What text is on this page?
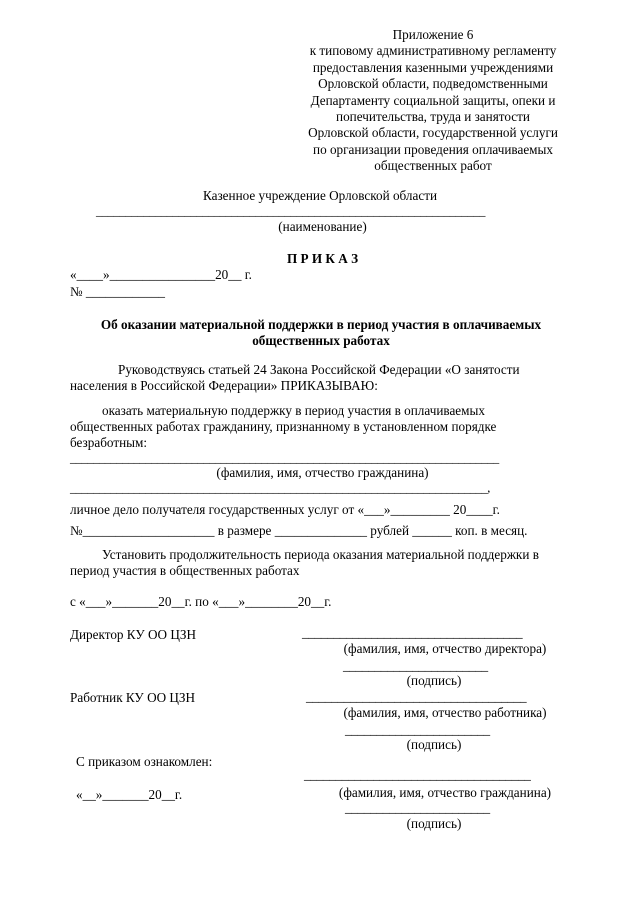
Приложение 6
к типовому административному регламенту
предоставления казенными учреждениями
Орловской области, подведомственными
Департаменту социальной защиты, опеки и
попечительства, труда и занятости
Орловской области, государственной услуги
по организации проведения оплачиваемых
общественных работ
Казенное учреждение Орловской области
__________________________________________________________________
(наименование)
П Р И К А З
«____»________________20__ г.
№ ____________
Об оказании материальной поддержки в период участия в оплачиваемых
общественных работах
Руководствуясь статьей 24 Закона Российской Федерации «О занятости
населения в Российской Федерации» ПРИКАЗЫВАЮ:
оказать материальную поддержку в период участия в оплачиваемых
общественных работах гражданину, признанному в установленном порядке
безработным:
__________________________________________________________________________
(фамилия, имя, отчество гражданина)
________________________________________________________________________,
личное дело получателя государственных услуг от «___»_________ 20____г.
№____________________ в размере ______________ рублей ______ коп. в месяц.
Установить продолжительность периода оказания материальной поддержки в
период участия в общественных работах
с «___»_______20__г. по «___»________20__г.
Директор КУ ОО ЦЗН	___________________________________
(фамилия, имя, отчество директора)
_______________________
(подпись)
Работник КУ ОО ЦЗН	___________________________________
(фамилия, имя, отчество работника)
_______________________
(подпись)
С приказом ознакомлен:
____________________________________
«__»_______20__г.	(фамилия, имя, отчество гражданина)
_______________________
(подпись)
